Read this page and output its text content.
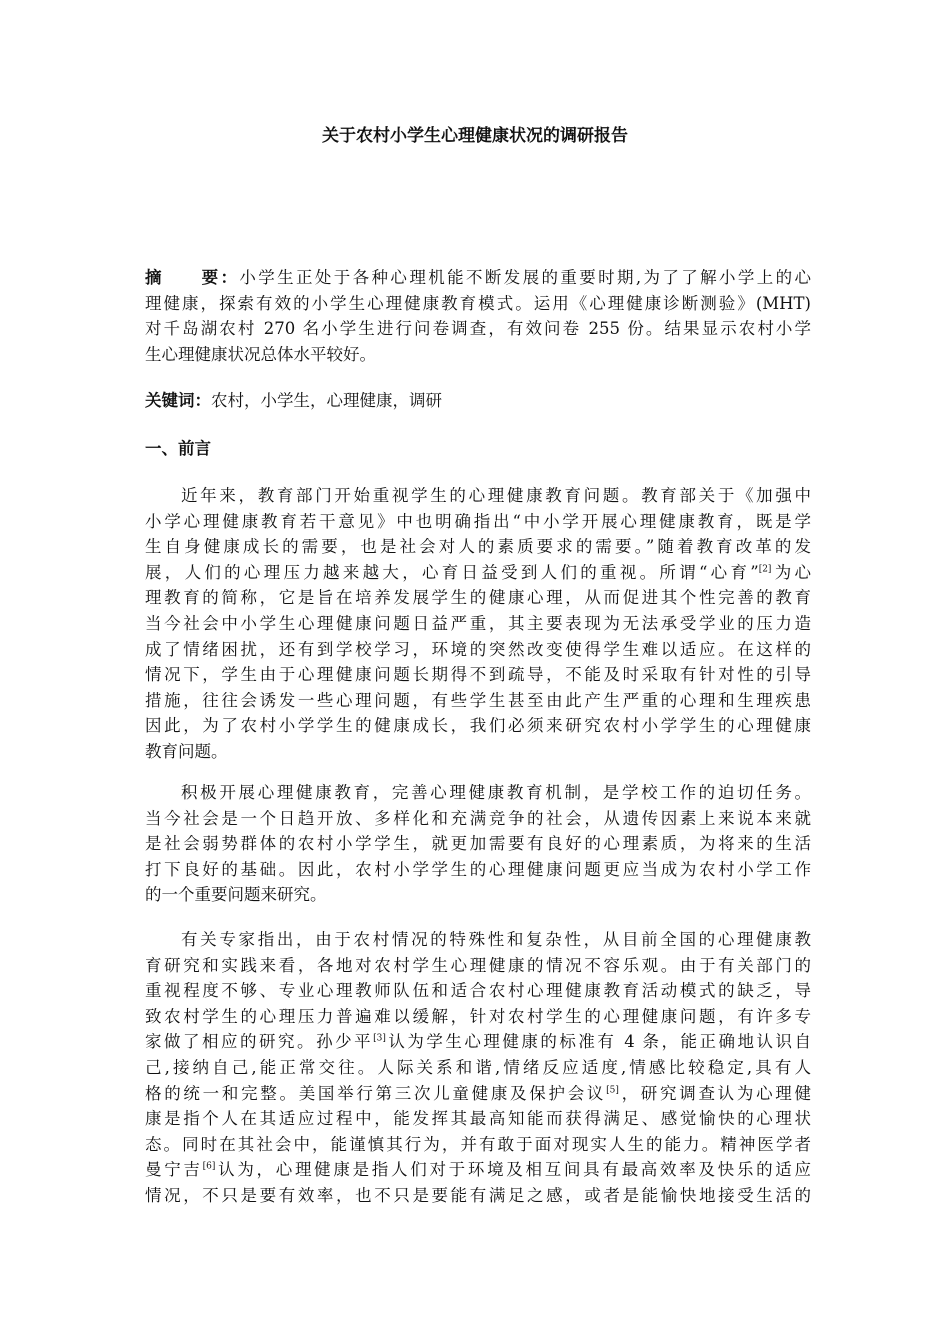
关于农村小学生心理健康状况的调研报告
摘　　要：小学生正处于各种心理机能不断发展的重要时期,为了了解小学上的心
理健康，探索有效的小学生心理健康教育模式。运用《心理健康诊断测验》(MHT)
对千岛湖农村 270 名小学生进行问卷调查，有效问卷 255 份。结果显示农村小学
生心理健康状况总体水平较好。
关键词：农村，小学生，心理健康，调研
一、前言
近年来，教育部门开始重视学生的心理健康教育问题。教育部关于《加强中
小学心理健康教育若干意见》中也明确指出“中小学开展心理健康教育，既是学
生自身健康成长的需要，也是社会对人的素质要求的需要。”随着教育改革的发
展，人们的心理压力越来越大，心育日益受到人们的重视。所谓“心育”[2]为心
理教育的简称，它是旨在培养发展学生的健康心理，从而促进其个性完善的教育
当今社会中小学生心理健康问题日益严重，其主要表现为无法承受学业的压力造
成了情绪困扰，还有到学校学习，环境的突然改变使得学生难以适应。在这样的
情况下，学生由于心理健康问题长期得不到疏导，不能及时采取有针对性的引导
措施，往往会诱发一些心理问题，有些学生甚至由此产生严重的心理和生理疾患
因此，为了农村小学学生的健康成长，我们必须来研究农村小学学生的心理健康
教育问题。
积极开展心理健康教育，完善心理健康教育机制，是学校工作的迫切任务。
当今社会是一个日趋开放、多样化和充满竞争的社会，从遗传因素上来说本来就
是社会弱势群体的农村小学学生，就更加需要有良好的心理素质，为将来的生活
打下良好的基础。因此，农村小学学生的心理健康问题更应当成为农村小学工作
的一个重要问题来研究。
有关专家指出，由于农村情况的特殊性和复杂性，从目前全国的心理健康教
育研究和实践来看，各地对农村学生心理健康的情况不容乐观。由于有关部门的
重视程度不够、专业心理教师队伍和适合农村心理健康教育活动模式的缺乏，导
致农村学生的心理压力普遍难以缓解，针对农村学生的心理健康问题，有许多专
家做了相应的研究。孙少平[3]认为学生心理健康的标准有 4 条，能正确地认识自
己,接纳自己,能正常交往。人际关系和谐,情绪反应适度,情感比较稳定,具有人
格的统一和完整。美国举行第三次儿童健康及保护会议[5]，研究调查认为心理健
康是指个人在其适应过程中，能发挥其最高知能而获得满足、感觉愉快的心理状
态。同时在其社会中，能谨慎其行为，并有敢于面对现实人生的能力。精神医学者
曼宁吉[6]认为，心理健康是指人们对于环境及相互间具有最高效率及快乐的适应
情况，不只是要有效率，也不只是要能有满足之感，或者是能愉快地接受生活的
